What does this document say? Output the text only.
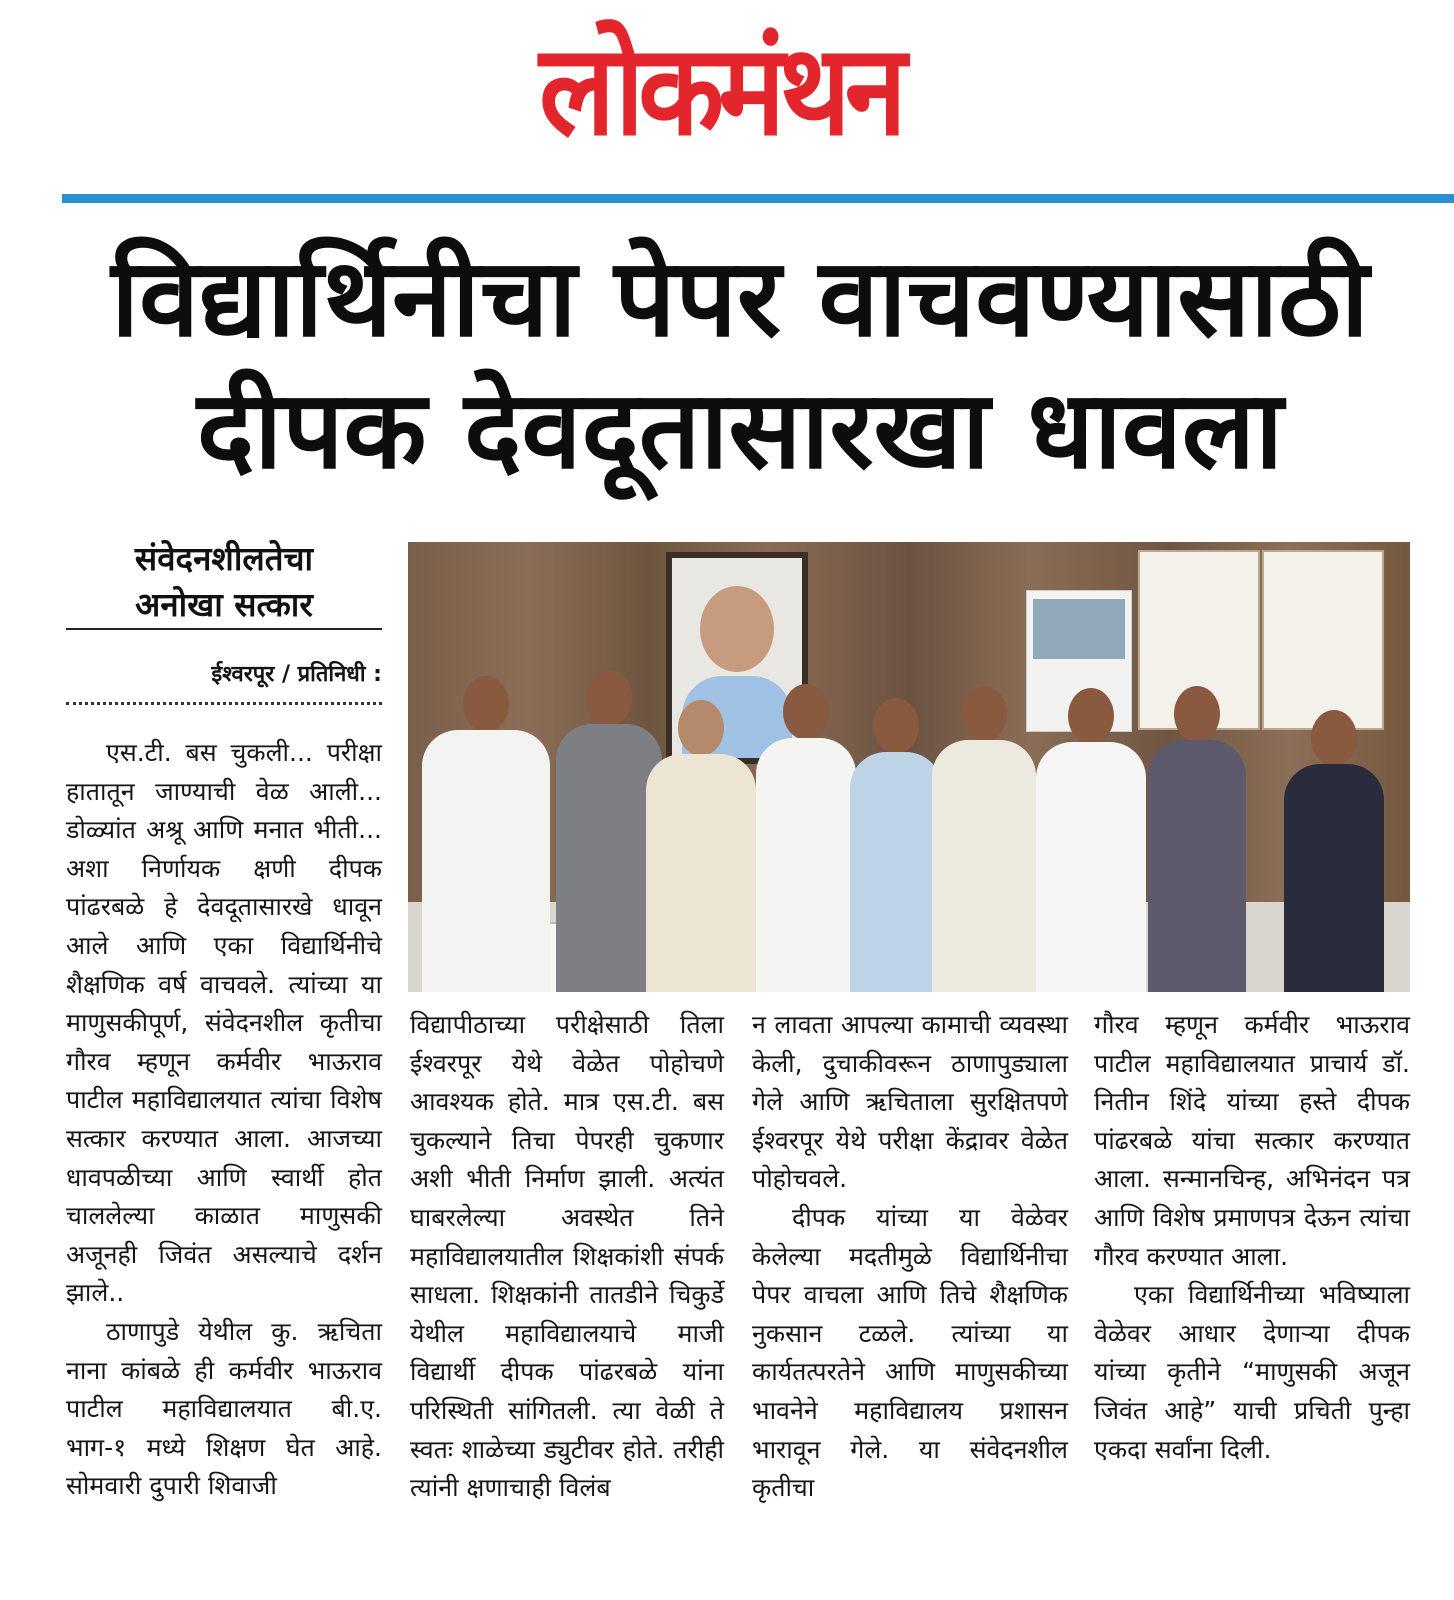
लोकमंथन
विद्यार्थिनीचा पेपर वाचवण्यासाठी
दीपक देवदूतासारखा धावला
संवेदनशीलतेचा
अनोखा सत्कार
ईश्वरपूर / प्रतिनिधी :

एस.टी. बस चुकली... परीक्षा हातातून जाण्याची वेळ आली... डोळ्यांत अश्रू आणि मनात भीती... अशा निर्णायक क्षणी दीपक पांढरबळे हे देवदूतासारखे धावून आले आणि एका विद्यार्थिनीचे शैक्षणिक वर्ष वाचवले. त्यांच्या या माणुसकीपूर्ण, संवेदनशील कृतीचा गौरव म्हणून कर्मवीर भाऊराव पाटील महाविद्यालयात त्यांचा विशेष सत्कार करण्यात आला. आजच्या धावपळीच्या आणि स्वार्थी होत चाललेल्या काळात माणुसकी अजूनही जिवंत असल्याचे दर्शन झाले..

ठाणापुडे येथील कु. ऋचिता नाना कांबळे ही कर्मवीर भाऊराव पाटील महाविद्यालयात बी.ए. भाग-१ मध्ये शिक्षण घेत आहे. सोमवारी दुपारी शिवाजी

विद्यापीठाच्या परीक्षेसाठी तिला ईश्वरपूर येथे वेळेत पोहोचणे आवश्यक होते. मात्र एस.टी. बस चुकल्याने तिचा पेपरही चुकणार अशी भीती निर्माण झाली. अत्यंत घाबरलेल्या अवस्थेत तिने महाविद्यालयातील शिक्षकांशी संपर्क साधला. शिक्षकांनी तातडीने चिकुर्डे येथील महाविद्यालयाचे माजी विद्यार्थी दीपक पांढरबळे यांना परिस्थिती सांगितली. त्या वेळी ते स्वतः शाळेच्या ड्युटीवर होते. तरीही त्यांनी क्षणाचाही विलंब

न लावता आपल्या कामाची व्यवस्था केली, दुचाकीवरून ठाणापुड्याला गेले आणि ऋचिताला सुरक्षितपणे ईश्वरपूर येथे परीक्षा केंद्रावर वेळेत पोहोचवले.

दीपक यांच्या या वेळेवर केलेल्या मदतीमुळे विद्यार्थिनीचा पेपर वाचला आणि तिचे शैक्षणिक नुकसान टळले. त्यांच्या या कार्यतत्परतेने आणि माणुसकीच्या भावनेने महाविद्यालय प्रशासन भारावून गेले. या संवेदनशील कृतीचा

गौरव म्हणून कर्मवीर भाऊराव पाटील महाविद्यालयात प्राचार्य डॉ. नितीन शिंदे यांच्या हस्ते दीपक पांढरबळे यांचा सत्कार करण्यात आला. सन्मानचिन्ह, अभिनंदन पत्र आणि विशेष प्रमाणपत्र देऊन त्यांचा गौरव करण्यात आला.

एका विद्यार्थिनीच्या भविष्याला वेळेवर आधार देणाऱ्या दीपक यांच्या कृतीने “माणुसकी अजून जिवंत आहे” याची प्रचिती पुन्हा एकदा सर्वांना दिली.
